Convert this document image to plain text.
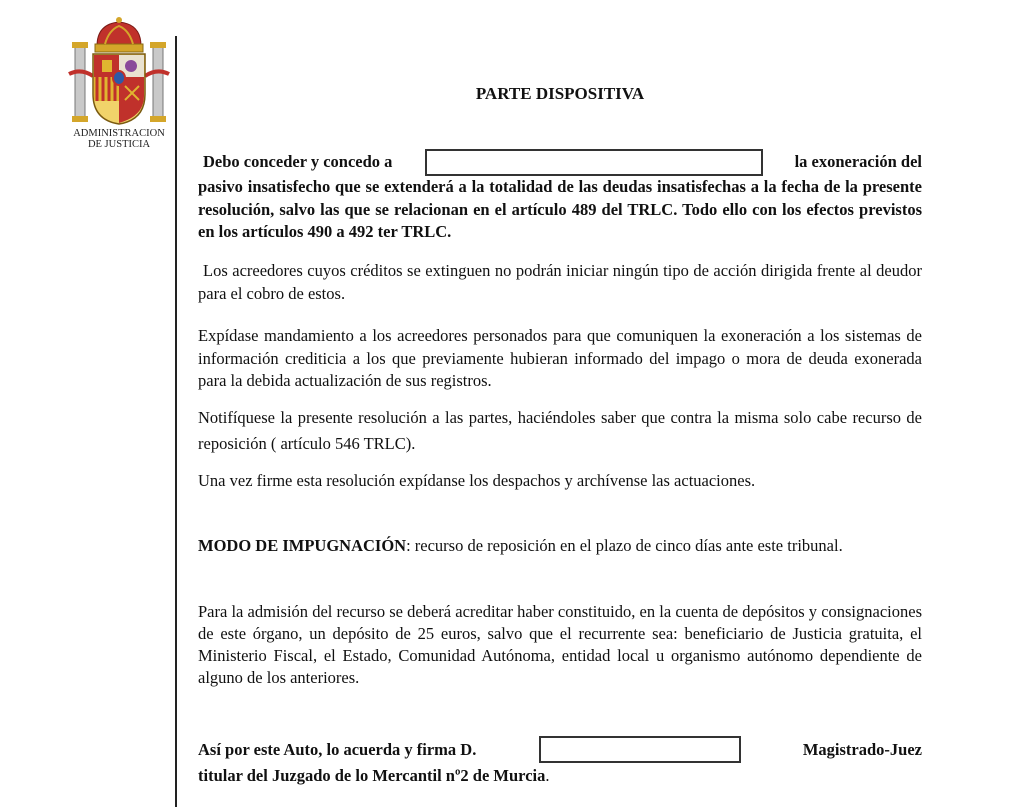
ADMINISTRACION
DE JUSTICIA
PARTE DISPOSITIVA
Debo conceder y concedo a	la exoneración del
pasivo insatisfecho que se extenderá a la totalidad de las deudas insatisfechas a la fecha de la presente resolución, salvo las que se relacionan en el artículo 489 del TRLC. Todo ello con los efectos previstos en los artículos 490 a 492 ter TRLC.

Los acreedores cuyos créditos se extinguen no podrán iniciar ningún tipo de acción dirigida frente al deudor para el cobro de estos.

Expídase mandamiento a los acreedores personados para que comuniquen la exoneración a los sistemas de información crediticia a los que previamente hubieran informado del impago o mora de deuda exonerada para la debida actualización de sus registros.

Notifíquese la presente resolución a las partes, haciéndoles saber que contra la misma solo cabe recurso de reposición ( artículo 546 TRLC).

Una vez firme esta resolución expídanse los despachos y archívense las actuaciones.

MODO DE IMPUGNACIÓN: recurso de reposición en el plazo de cinco días ante este tribunal.

Para la admisión del recurso se deberá acreditar haber constituido, en la cuenta de depósitos y consignaciones de este órgano, un depósito de 25 euros, salvo que el recurrente sea: beneficiario de Justicia gratuita, el Ministerio Fiscal, el Estado, Comunidad Autónoma, entidad local u organismo autónomo dependiente de alguno de los anteriores.

Así por este Auto, lo acuerda y firma D.	Magistrado-Juez
titular del Juzgado de lo Mercantil nº2 de Murcia.
